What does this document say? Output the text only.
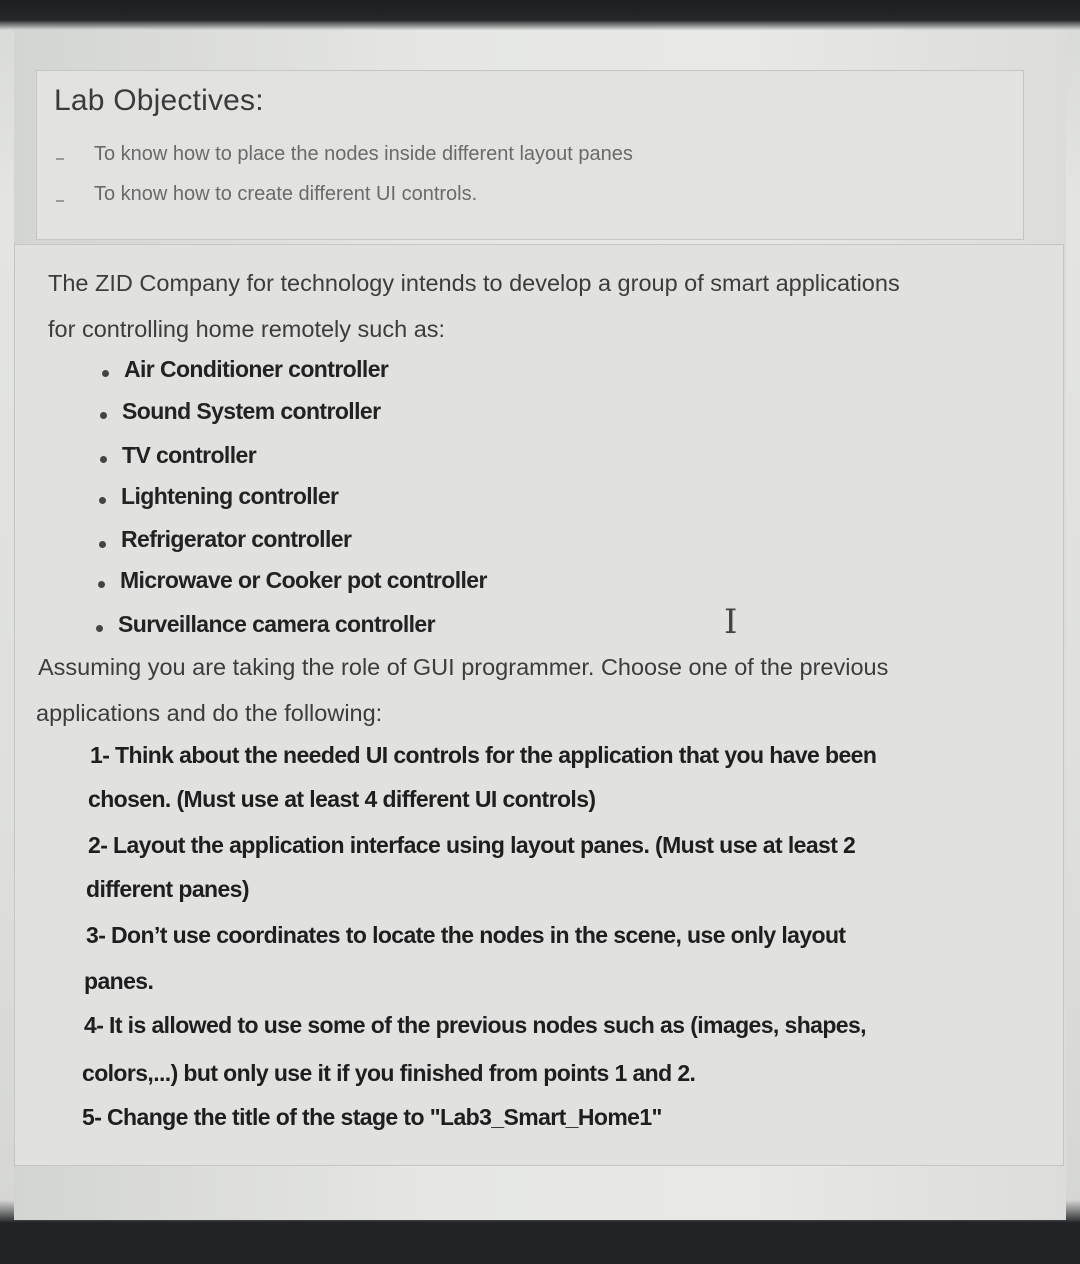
Lab Objectives:
To know how to place the nodes inside different layout panes
To know how to create different UI controls.
The ZID Company for technology intends to develop a group of smart applications
for controlling home remotely such as:
Air Conditioner controller
Sound System controller
TV controller
Lightening controller
Refrigerator controller
Microwave or Cooker pot controller
Surveillance camera controller	I
Assuming you are taking the role of GUI programmer. Choose one of the previous
applications and do the following:
1- Think about the needed UI controls for the application that you have been
chosen. (Must use at least 4 different UI controls)
2- Layout the application interface using layout panes. (Must use at least 2
different panes)
3- Don’t use coordinates to locate the nodes in the scene, use only layout
panes.
4- It is allowed to use some of the previous nodes such as (images, shapes,
colors,...) but only use it if you finished from points 1 and 2.
5- Change the title of the stage to "Lab3_Smart_Home1"
